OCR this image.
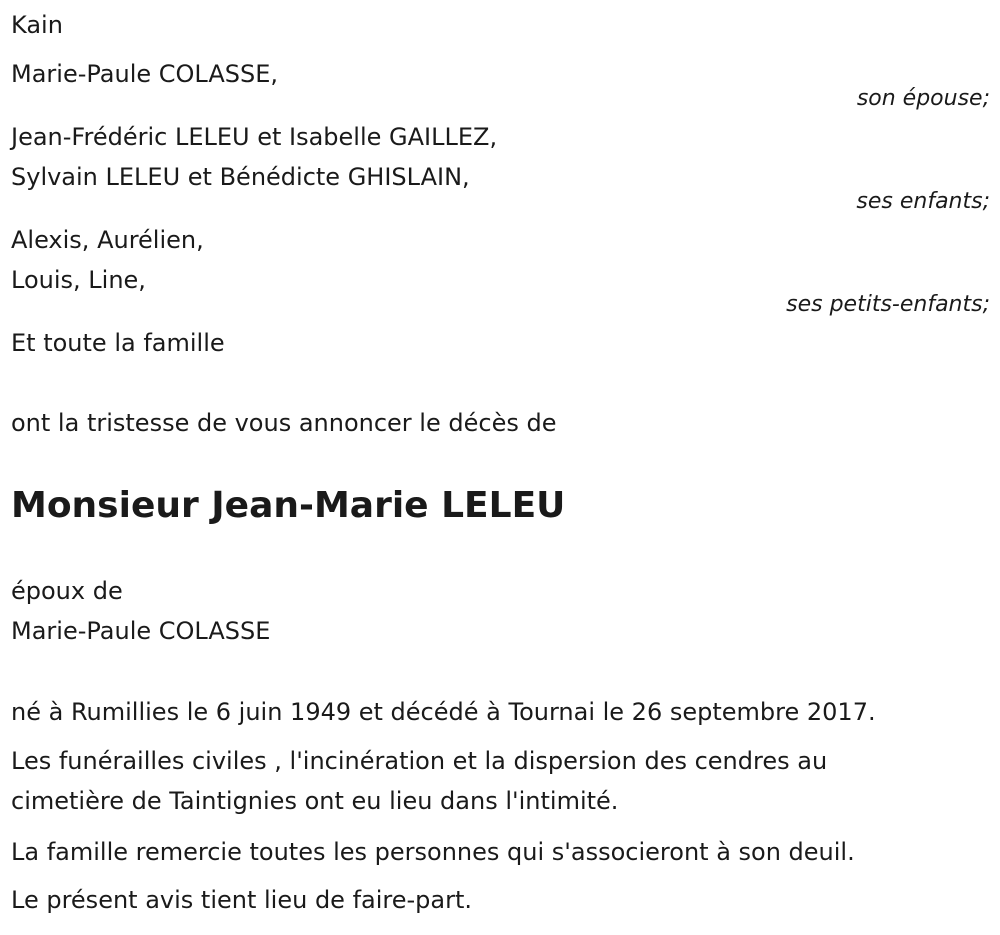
Kain
Marie-Paule COLASSE,
son épouse;
Jean-Frédéric LELEU et Isabelle GAILLEZ,
Sylvain LELEU et Bénédicte GHISLAIN,
ses enfants;
Alexis, Aurélien,
Louis, Line,
ses petits-enfants;
Et toute la famille
ont la tristesse de vous annoncer le décès de
Monsieur Jean-Marie LELEU
époux de
Marie-Paule COLASSE
né à Rumillies le 6 juin 1949 et décédé à Tournai le 26 septembre 2017.
Les funérailles civiles , l'incinération et la dispersion des cendres au
cimetière de Taintignies ont eu lieu dans l'intimité.
La famille remercie toutes les personnes qui s'associeront à son deuil.
Le présent avis tient lieu de faire-part.
